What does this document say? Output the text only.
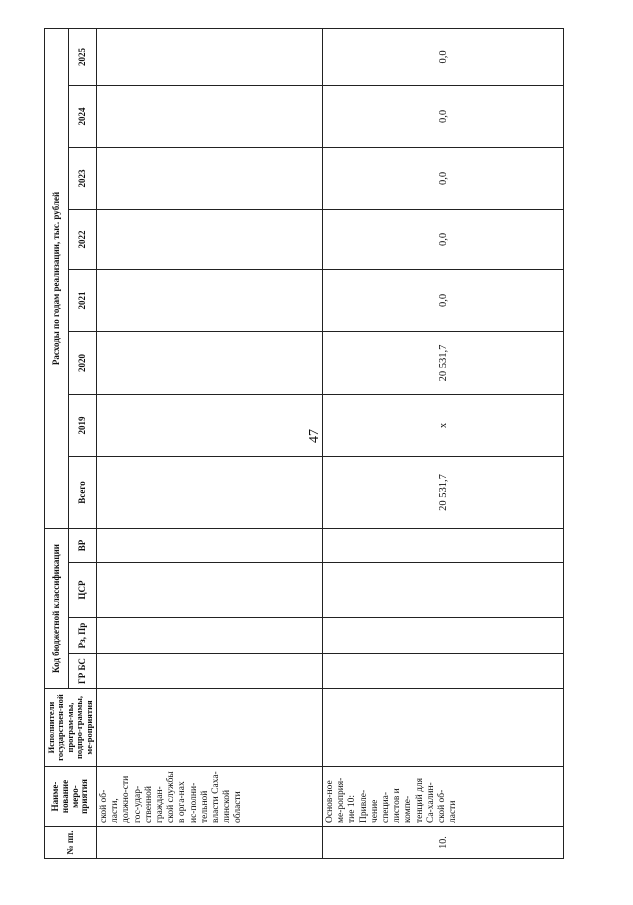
47
№ пп.	Наиме-нование меро-приятия	Исполнители государствен-ной програм-мы, подпро-граммы, ме-роприятия	Код бюджетной классификации				Расходы по годам реализации, тыс. рублей							
			ГР БС	Рз, Пр	ЦСР	ВР	Всего	2019	2020	2021	2022	2023	2024	2025
	ской об-ласти, должно-сти гос-удар-ственной граждан-ской службы в орга-нах ис-полни-тельной власти Саха-линской области													
10.	Основ-ное ме-роприя-тие 10: Привле-чение специа-листов и компе-тенций для Са-халин-ской об-ласти						20 531,7	x	20 531,7	0,0	0,0	0,0	0,0	0,0
